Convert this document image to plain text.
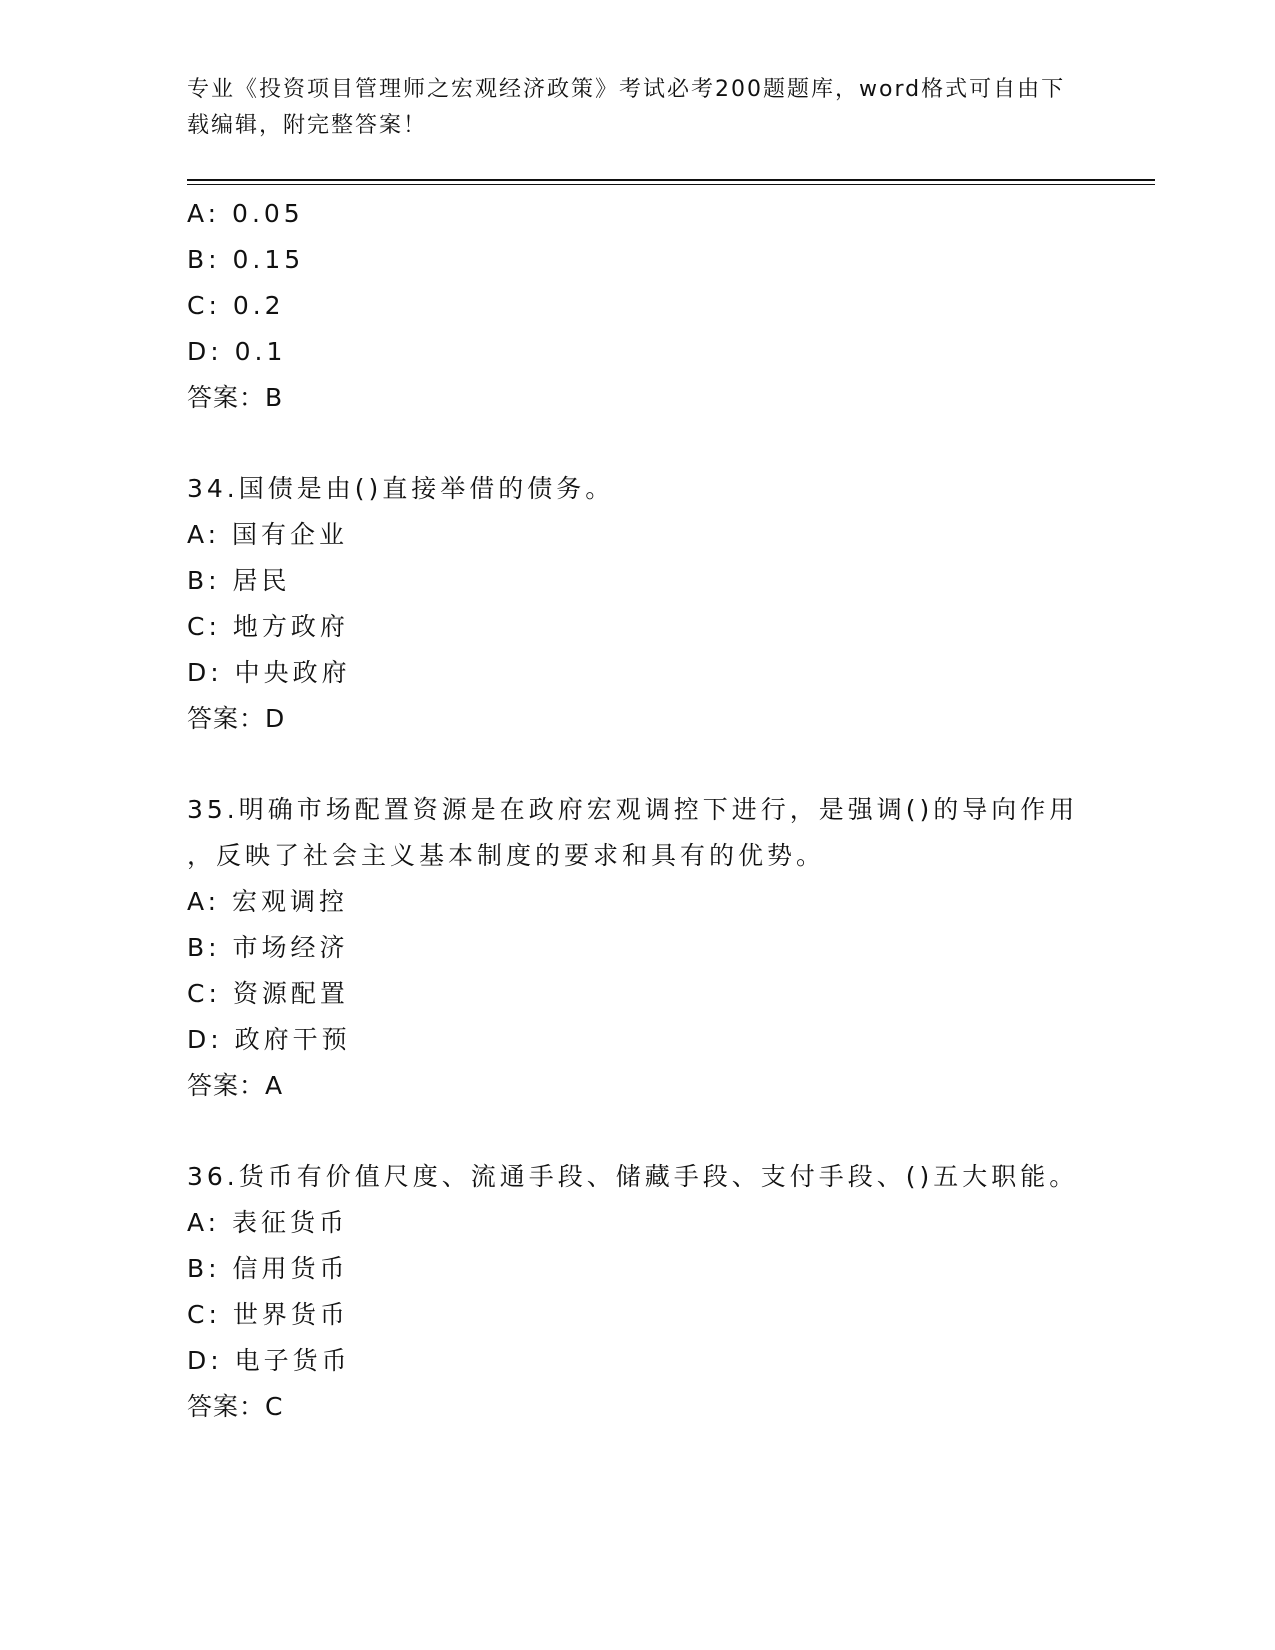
专业《投资项目管理师之宏观经济政策》考试必考200题题库，word格式可自由下载编辑，附完整答案！
A: 0.05
B: 0.15
C: 0.2
D: 0.1
答案：B
34.国债是由()直接举借的债务。
A: 国有企业
B: 居民
C: 地方政府
D: 中央政府
答案：D
35.明确市场配置资源是在政府宏观调控下进行，是强调()的导向作用
，反映了社会主义基本制度的要求和具有的优势。
A: 宏观调控
B: 市场经济
C: 资源配置
D: 政府干预
答案：A
36.货币有价值尺度、流通手段、储藏手段、支付手段、()五大职能。
A: 表征货币
B: 信用货币
C: 世界货币
D: 电子货币
答案：C
